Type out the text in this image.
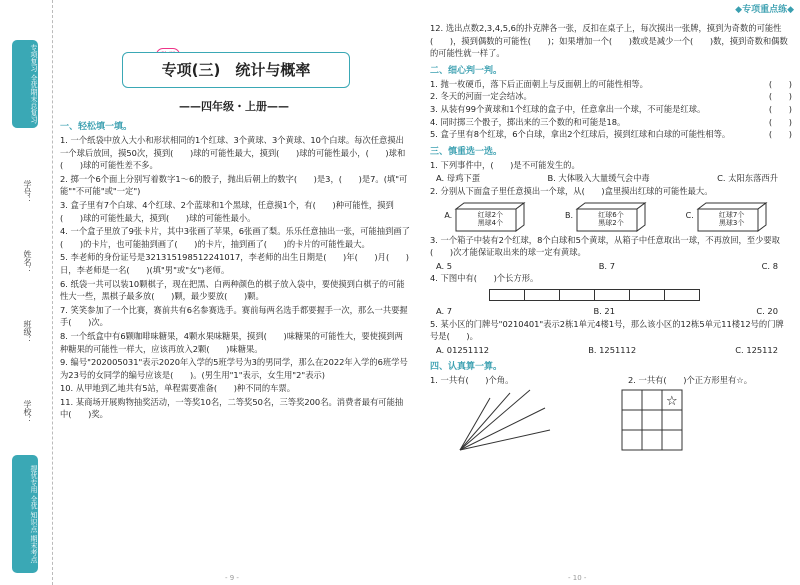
专项复习 全优期末总复习
学号：
姓名：
班级：
学校：
提优专用 全优 知识点 期末考点
专项(三)　统计与概率
——四年级・上册——
一、轻松填一填。

1. 一个纸袋中放入大小和形状相同的1个红球、3个黄球、3个黄球、10个白球。每次任意摸出一个球后放回，摸50次，摸到(　　)球的可能性最大，摸到(　　)球的可能性最小，(　　)球和(　　)球的可能性差不多。

2. 掷一个6个面上分别写着数字1～6的骰子，抛出后朝上的数字(　　)是3，(　　)是7。(填"可能""不可能"或"一定")

3. 盒子里有7个白球、4个红球、2个蓝球和1个黑球，任意摸1个，有(　　)种可能性，摸到(　　)球的可能性最大，摸到(　　)球的可能性最小。

4. 一个盒子里放了9张卡片，其中3张画了苹果，6张画了梨。乐乐任意抽出一张，可能抽到画了(　　)的卡片，也可能抽到画了(　　)的卡片，抽到画了(　　)的卡片的可能性最大。

5. 李老师的身份证号是321315198512241017，李老师的出生日期是(　　)年(　　)月(　　)日，李老师是一名(　　)(填"男"或"女")老师。

6. 纸袋一共可以装10颗棋子，现在把黑、白两种颜色的棋子放入袋中，要使摸到白棋子的可能性大一些，黑棋子最多放(　　)颗，最少要放(　　)颗。

7. 笑笑参加了一个比赛，赛前共有6名参赛选手。赛前每两名选手都要握手一次，那么一共要握手(　　)次。

8. 一个纸盒中有6颗咖啡味糖果，4颗水果味糖果，摸到(　　)味糖果的可能性大，要使摸到两种糖果的可能性一样大，应该再放入2颗(　　)味糖果。

9. 编号"202005031"表示2020年入学的5班学号为3的男同学，那么在2022年入学的6班学号为23号的女同学的编号应该是(　　)。(男生用"1"表示，女生用"2"表示)

10. 从甲地到乙地共有5站，单程需要准备(　　)种不同的车票。

11. 某商场开展购物抽奖活动，一等奖10名，二等奖50名，三等奖200名。消费者最有可能抽中(　　)奖。

- 9 -
◆专项重点练◆

12. 选出点数2,3,4,5,6的扑克牌各一张，反扣在桌子上，每次摸出一张牌，摸到为奇数的可能性(　　)，摸到偶数的可能性(　　)；如果增加一个(　　)数或是减少一个(　　)数，摸到奇数和偶数的可能性就一样了。

二、细心判一判。
1. 抛一枚硬币，落下后正面朝上与反面朝上的可能性相等。	(　　)
2. 冬天的河面一定会结冰。	(　　)
3. 从装有99个黄球和1个红球的盒子中，任意拿出一个球，不可能是红球。	(　　)
4. 同时掷三个骰子，掷出来的三个数的和可能是18。	(　　)
5. 盒子里有8个红球，6个白球，拿出2个红球后，摸到红球和白球的可能性相等。	(　　)
三、慎重选一选。

1. 下列事件中，(　　)是不可能发生的。

A. 母鸡下蛋	B. 大体吸入大量缓气会中毒	C. 太阳东落西升

2. 分别从下面盒子里任意摸出一个球，从(　　)盒里摸出红球的可能性最大。

A.	红球2个
黑球4个
B.	红球6个
黑球2个
C.	红球7个
黑球3个

3. 一个箱子中装有2个红球，8个白球和5个黄球，从箱子中任意取出一球，不再放回，至少要取(　　)次才能保证取出来的球一定有黄球。

A. 5	B. 7	C. 8

4. 下图中有(　　)个长方形。

A. 7	B. 21	C. 20

5. 某小区的门牌号"0210401"表示2栋1单元4楼1号，那么该小区的12栋5单元11楼12号的门牌号是(　　)。

A. 01251112	B. 1251112	C. 125112
四、认真算一算。
1. 一共有(　　)个角。	2. 一共有(　　)个正方形里有☆。
☆
- 10 -
